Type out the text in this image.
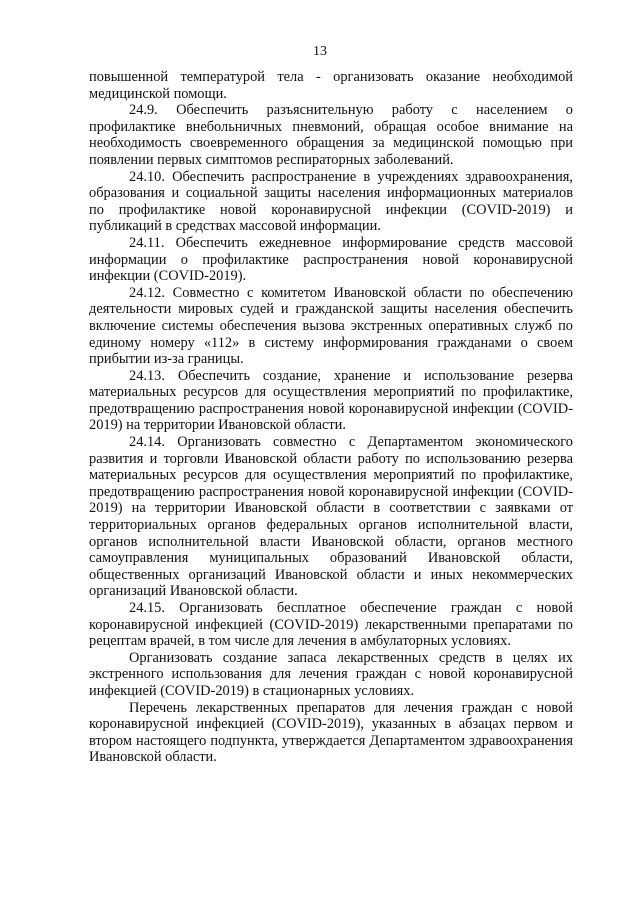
13

повышенной температурой тела - организовать оказание необходимой медицинской помощи.

24.9. Обеспечить разъяснительную работу с населением о профилактике внебольничных пневмоний, обращая особое внимание на необходимость своевременного обращения за медицинской помощью при появлении первых симптомов респираторных заболеваний.

24.10. Обеспечить распространение в учреждениях здравоохранения, образования и социальной защиты населения информационных материалов по профилактике новой коронавирусной инфекции (COVID-2019) и публикаций в средствах массовой информации.

24.11. Обеспечить ежедневное информирование средств массовой информации о профилактике распространения новой коронавирусной инфекции (COVID-2019).

24.12. Совместно с комитетом Ивановской области по обеспечению деятельности мировых судей и гражданской защиты населения обеспечить включение системы обеспечения вызова экстренных оперативных служб по единому номеру «112» в систему информирования гражданами о своем прибытии из-за границы.

24.13. Обеспечить создание, хранение и использование резерва материальных ресурсов для осуществления мероприятий по профилактике, предотвращению распространения новой коронавирусной инфекции (COVID-2019) на территории Ивановской области.

24.14. Организовать совместно с Департаментом экономического развития и торговли Ивановской области работу по использованию резерва материальных ресурсов для осуществления мероприятий по профилактике, предотвращению распространения новой коронавирусной инфекции (COVID-2019) на территории Ивановской области в соответствии с заявками от территориальных органов федеральных органов исполнительной власти, органов исполнительной власти Ивановской области, органов местного самоуправления муниципальных образований Ивановской области, общественных организаций Ивановской области и иных некоммерческих организаций Ивановской области.

24.15. Организовать бесплатное обеспечение граждан с новой коронавирусной инфекцией (COVID-2019) лекарственными препаратами по рецептам врачей, в том числе для лечения в амбулаторных условиях.

Организовать создание запаса лекарственных средств в целях их экстренного использования для лечения граждан с новой коронавирусной инфекцией (COVID-2019) в стационарных условиях.

Перечень лекарственных препаратов для лечения граждан с новой коронавирусной инфекцией (COVID-2019), указанных в абзацах первом и втором настоящего подпункта, утверждается Департаментом здравоохранения Ивановской области.
